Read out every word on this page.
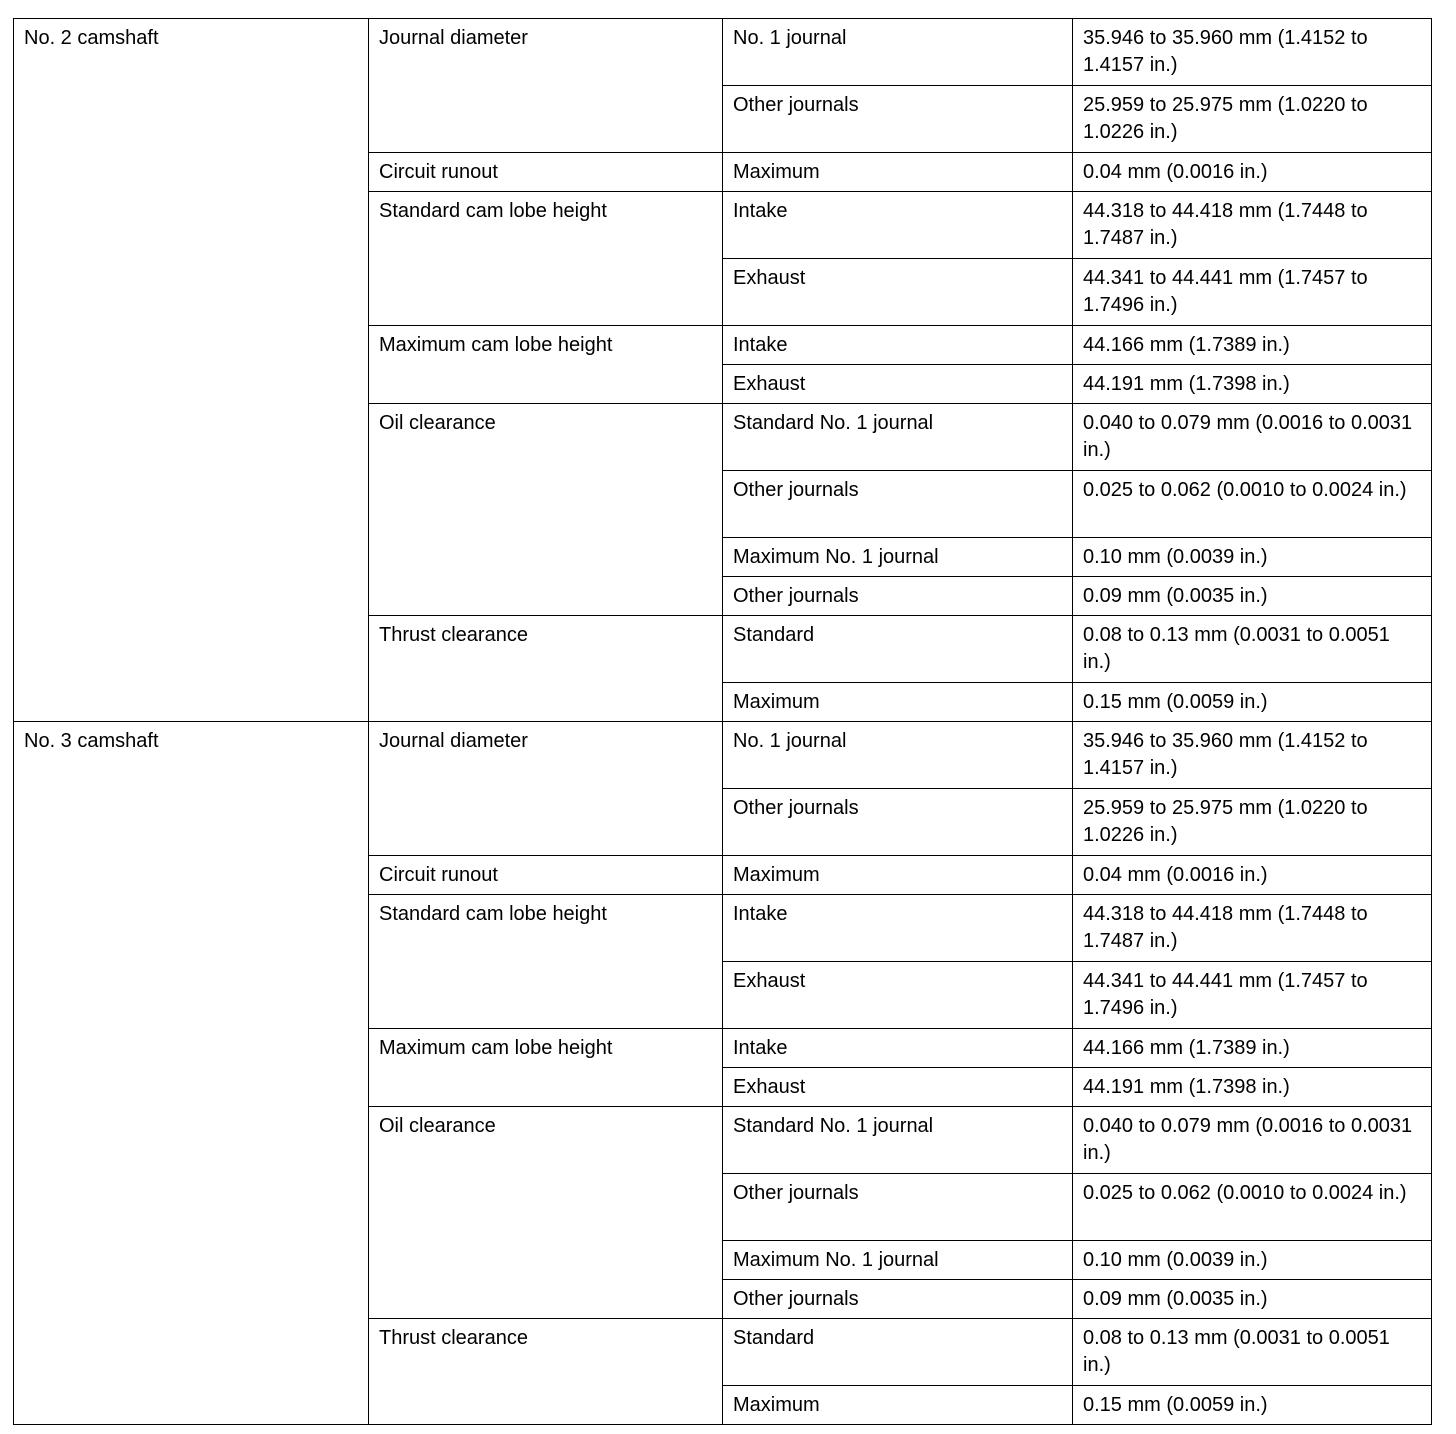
No. 2 camshaft	Journal diameter	No. 1 journal	35.946 to 35.960 mm (1.4152 to 1.4157 in.)
		Other journals	25.959 to 25.975 mm (1.0220 to 1.0226 in.)
	Circuit runout	Maximum	0.04 mm (0.0016 in.)
	Standard cam lobe height	Intake	44.318 to 44.418 mm (1.7448 to 1.7487 in.)
		Exhaust	44.341 to 44.441 mm (1.7457 to 1.7496 in.)
	Maximum cam lobe height	Intake	44.166 mm (1.7389 in.)
		Exhaust	44.191 mm (1.7398 in.)
	Oil clearance	Standard No. 1 journal	0.040 to 0.079 mm (0.0016 to 0.0031 in.)
		Other journals	0.025 to 0.062 (0.0010 to 0.0024 in.)
		Maximum No. 1 journal	0.10 mm (0.0039 in.)
		Other journals	0.09 mm (0.0035 in.)
	Thrust clearance	Standard	0.08 to 0.13 mm (0.0031 to 0.0051 in.)
		Maximum	0.15 mm (0.0059 in.)
No. 3 camshaft	Journal diameter	No. 1 journal	35.946 to 35.960 mm (1.4152 to 1.4157 in.)
		Other journals	25.959 to 25.975 mm (1.0220 to 1.0226 in.)
	Circuit runout	Maximum	0.04 mm (0.0016 in.)
	Standard cam lobe height	Intake	44.318 to 44.418 mm (1.7448 to 1.7487 in.)
		Exhaust	44.341 to 44.441 mm (1.7457 to 1.7496 in.)
	Maximum cam lobe height	Intake	44.166 mm (1.7389 in.)
		Exhaust	44.191 mm (1.7398 in.)
	Oil clearance	Standard No. 1 journal	0.040 to 0.079 mm (0.0016 to 0.0031 in.)
		Other journals	0.025 to 0.062 (0.0010 to 0.0024 in.)
		Maximum No. 1 journal	0.10 mm (0.0039 in.)
		Other journals	0.09 mm (0.0035 in.)
	Thrust clearance	Standard	0.08 to 0.13 mm (0.0031 to 0.0051 in.)
		Maximum	0.15 mm (0.0059 in.)
